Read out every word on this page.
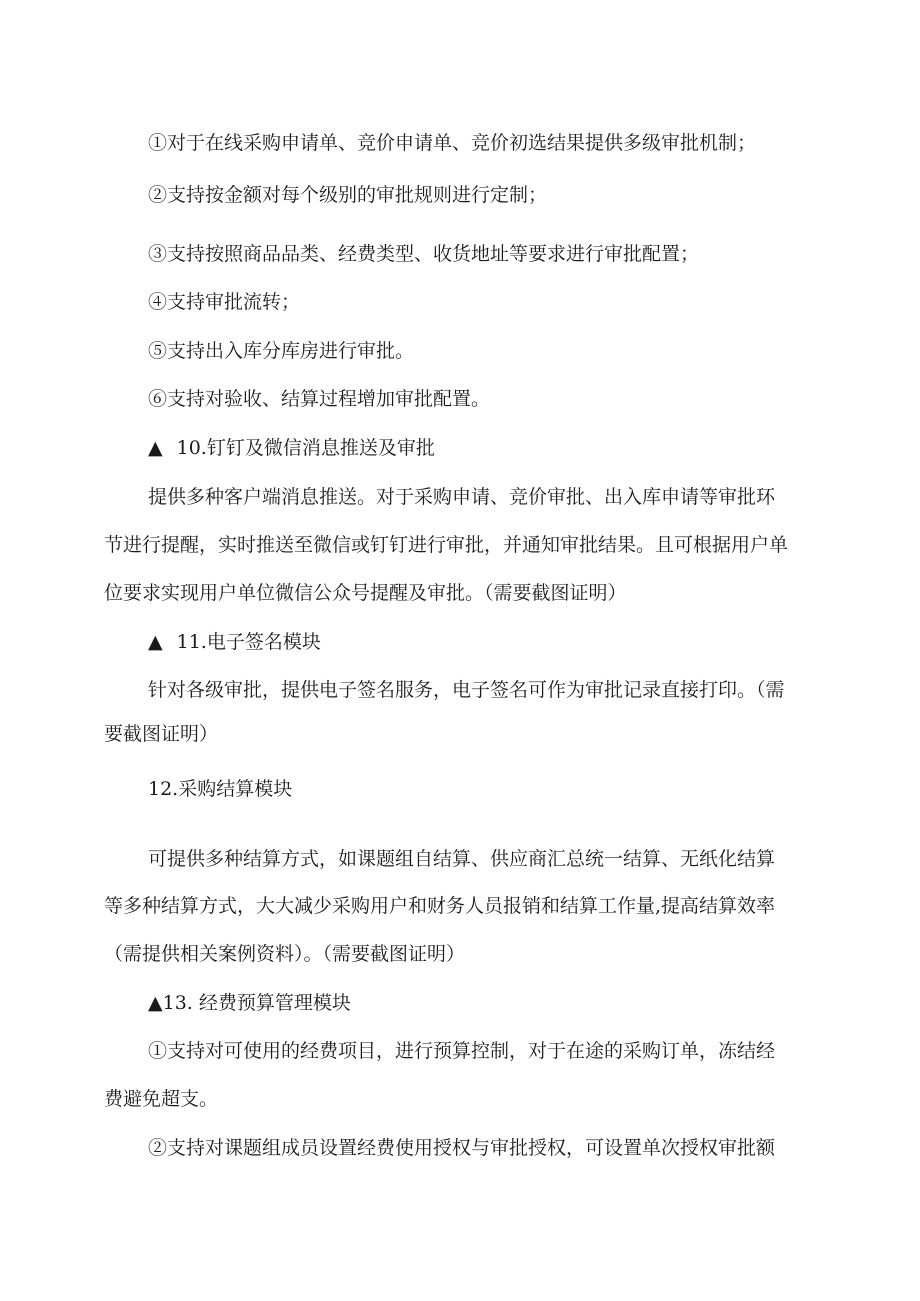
①对于在线采购申请单、竞价申请单、竞价初选结果提供多级审批机制；
②支持按金额对每个级别的审批规则进行定制；
③支持按照商品品类、经费类型、收货地址等要求进行审批配置；
④支持审批流转；
⑤支持出入库分库房进行审批。
⑥支持对验收、结算过程增加审批配置。
▲ 10.钉钉及微信消息推送及审批
提供多种客户端消息推送。对于采购申请、竞价审批、出入库申请等审批环
节进行提醒，实时推送至微信或钉钉进行审批，并通知审批结果。且可根据用户单
位要求实现用户单位微信公众号提醒及审批。（需要截图证明）
▲ 11.电子签名模块
针对各级审批，提供电子签名服务，电子签名可作为审批记录直接打印。（需
要截图证明）
12.采购结算模块
可提供多种结算方式，如课题组自结算、供应商汇总统一结算、无纸化结算
等多种结算方式，大大减少采购用户和财务人员报销和结算工作量,提高结算效率
（需提供相关案例资料）。（需要截图证明）
▲13. 经费预算管理模块
①支持对可使用的经费项目，进行预算控制，对于在途的采购订单，冻结经
费避免超支。
②支持对课题组成员设置经费使用授权与审批授权，可设置单次授权审批额
